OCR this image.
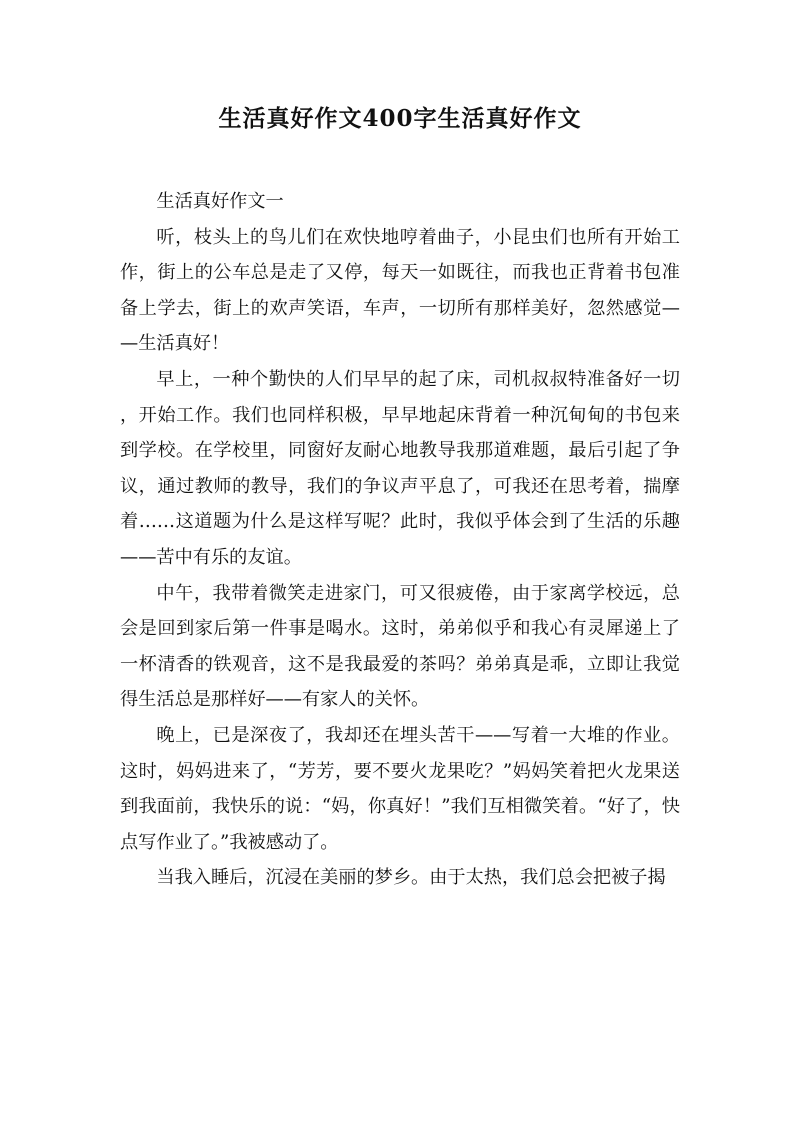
生活真好作文400字生活真好作文

生活真好作文一

听，枝头上的鸟儿们在欢快地哼着曲子，小昆虫们也所有开始工作，街上的公车总是走了又停，每天一如既往，而我也正背着书包准备上学去，街上的欢声笑语，车声，一切所有那样美好，忽然感觉——生活真好！

早上，一种个勤快的人们早早的起了床，司机叔叔特准备好一切，开始工作。我们也同样积极，早早地起床背着一种沉甸甸的书包来到学校。在学校里，同窗好友耐心地教导我那道难题，最后引起了争议，通过教师的教导，我们的争议声平息了，可我还在思考着，揣摩着……这道题为什么是这样写呢？此时，我似乎体会到了生活的乐趣——苦中有乐的友谊。

中午，我带着微笑走进家门，可又很疲倦，由于家离学校远，总会是回到家后第一件事是喝水。这时，弟弟似乎和我心有灵犀递上了一杯清香的铁观音，这不是我最爱的茶吗？弟弟真是乖，立即让我觉得生活总是那样好——有家人的关怀。

晚上，已是深夜了，我却还在埋头苦干——写着一大堆的作业。这时，妈妈进来了，“芳芳，要不要火龙果吃？”妈妈笑着把火龙果送到我面前，我快乐的说：“妈，你真好！”我们互相微笑着。“好了，快点写作业了。”我被感动了。

当我入睡后，沉浸在美丽的梦乡。由于太热，我们总会把被子揭
